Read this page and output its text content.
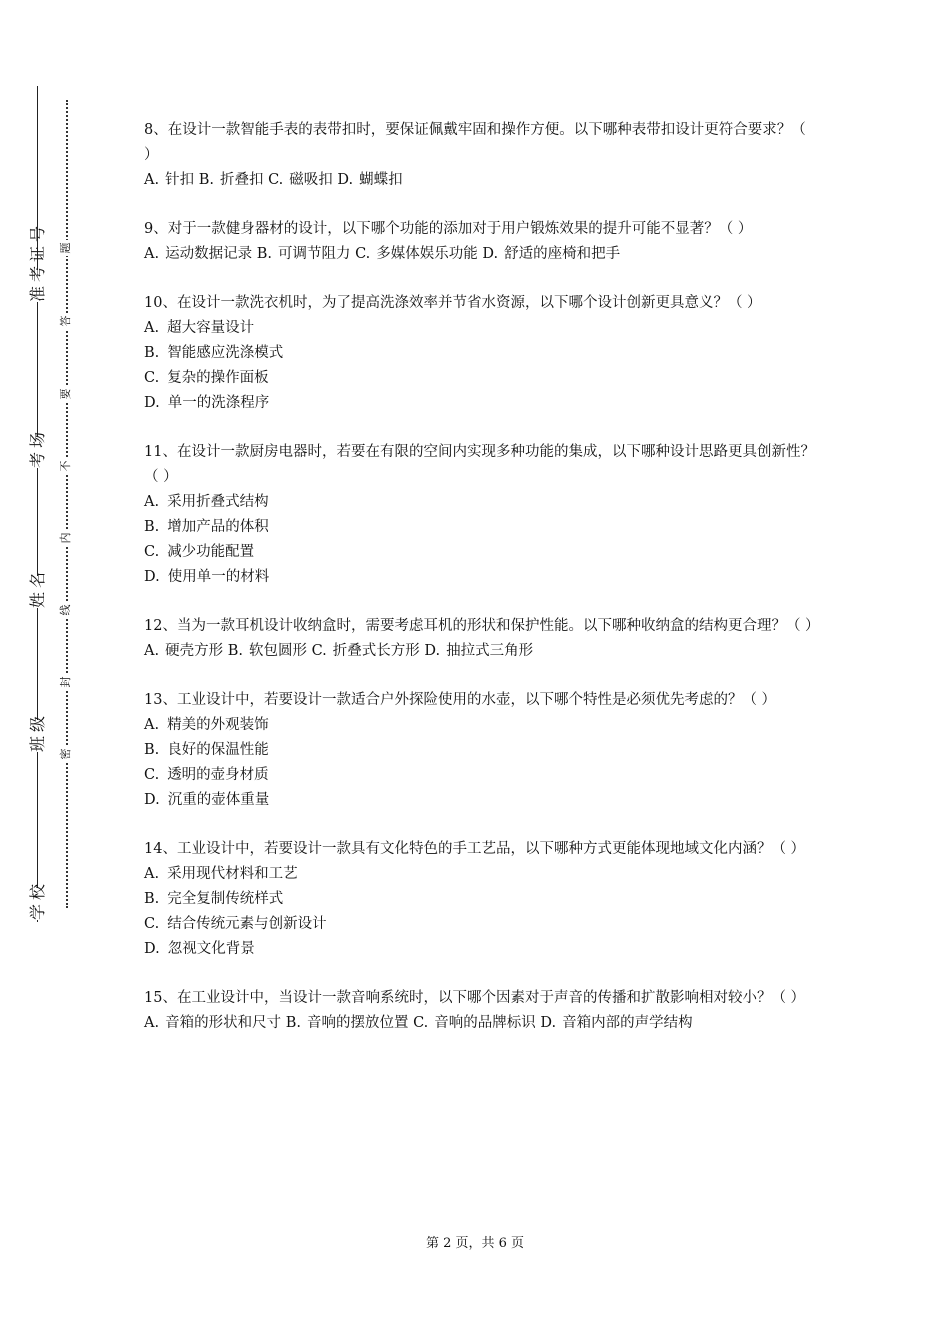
准考证号
考场
姓名
班级
学校
题
答
要
不
内
线
封
密

8、在设计一款智能手表的表带扣时，要保证佩戴牢固和操作方便。以下哪种表带扣设计更符合要求？（ ）

A. 针扣 B. 折叠扣 C. 磁吸扣 D. 蝴蝶扣

9、对于一款健身器材的设计，以下哪个功能的添加对于用户锻炼效果的提升可能不显著？（ ）

A. 运动数据记录 B. 可调节阻力 C. 多媒体娱乐功能 D. 舒适的座椅和把手

10、在设计一款洗衣机时，为了提高洗涤效率并节省水资源，以下哪个设计创新更具意义？（ ）

A. 超大容量设计

B. 智能感应洗涤模式

C. 复杂的操作面板

D. 单一的洗涤程序

11、在设计一款厨房电器时，若要在有限的空间内实现多种功能的集成，以下哪种设计思路更具创新性？（ ）

A. 采用折叠式结构

B. 增加产品的体积

C. 减少功能配置

D. 使用单一的材料

12、当为一款耳机设计收纳盒时，需要考虑耳机的形状和保护性能。以下哪种收纳盒的结构更合理？（ ）

A. 硬壳方形 B. 软包圆形 C. 折叠式长方形 D. 抽拉式三角形

13、工业设计中，若要设计一款适合户外探险使用的水壶，以下哪个特性是必须优先考虑的？（ ）

A. 精美的外观装饰

B. 良好的保温性能

C. 透明的壶身材质

D. 沉重的壶体重量

14、工业设计中，若要设计一款具有文化特色的手工艺品，以下哪种方式更能体现地域文化内涵？（ ）

A. 采用现代材料和工艺

B. 完全复制传统样式

C. 结合传统元素与创新设计

D. 忽视文化背景

15、在工业设计中，当设计一款音响系统时，以下哪个因素对于声音的传播和扩散影响相对较小？（ ）

A. 音箱的形状和尺寸 B. 音响的摆放位置 C. 音响的品牌标识 D. 音箱内部的声学结构

第 2 页，共 6 页
